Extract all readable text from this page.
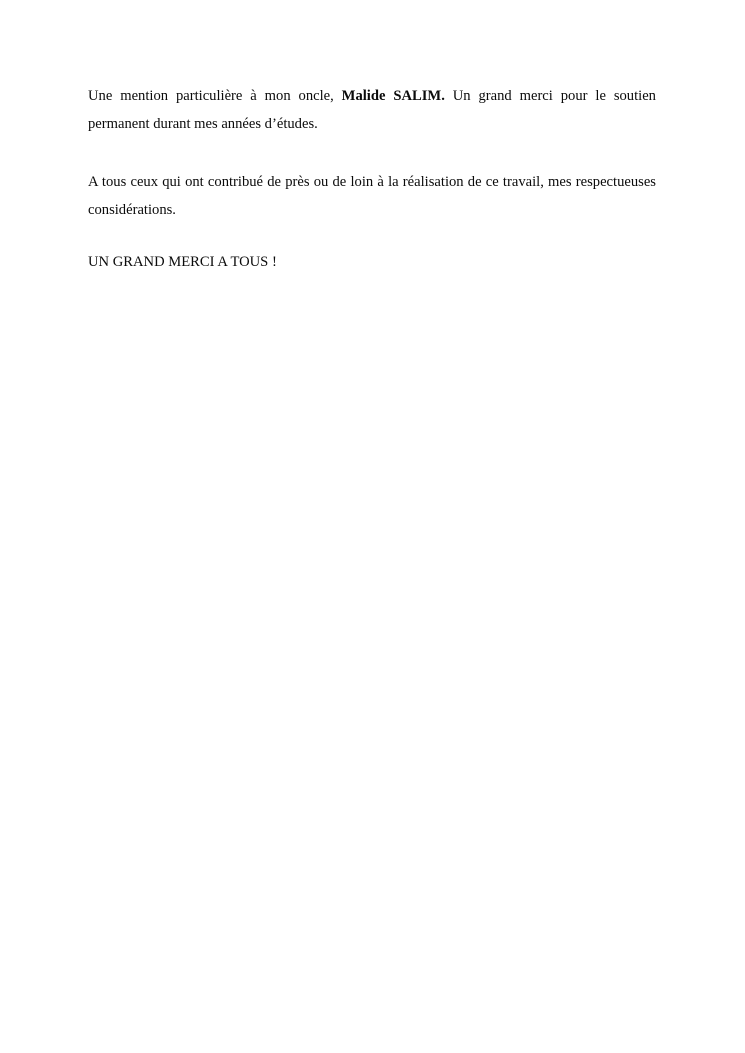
Une mention particulière à mon oncle, Malide SALIM. Un grand merci pour le soutien permanent durant mes années d’études.

A tous ceux qui ont contribué de près ou de loin à la réalisation de ce travail, mes respectueuses considérations.

UN GRAND MERCI A TOUS !
